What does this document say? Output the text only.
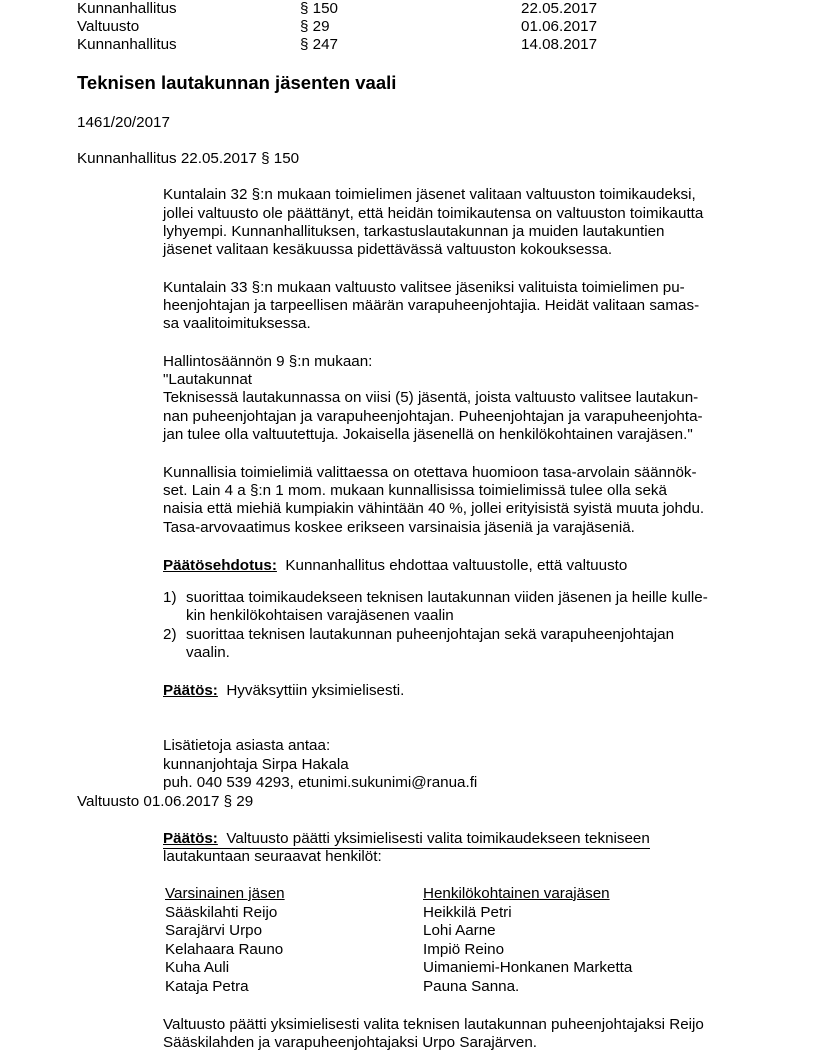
Kunnanhallitus	§ 150	22.05.2017
Valtuusto	§ 29	01.06.2017
Kunnanhallitus	§ 247	14.08.2017
Teknisen lautakunnan jäsenten vaali
1461/20/2017
Kunnanhallitus 22.05.2017 § 150
Kuntalain 32 §:n mukaan toimielimen jäsenet valitaan valtuuston toimikaudeksi,
jollei valtuusto ole päättänyt, että heidän toimikautensa on valtuuston toimikautta
lyhyempi. Kunnanhallituksen, tarkastuslautakunnan ja muiden lautakuntien
jäsenet valitaan kesäkuussa pidettävässä valtuuston kokouksessa.
Kuntalain 33 §:n mukaan valtuusto valitsee jäseniksi valituista toimielimen pu-
heenjohtajan ja tarpeellisen määrän varapuheenjohtajia. Heidät valitaan samas-
sa vaalitoimituksessa.
Hallintosäännön 9 §:n mukaan:
"Lautakunnat
Teknisessä lautakunnassa on viisi (5) jäsentä, joista valtuusto valitsee lautakun-
nan puheenjohtajan ja varapuheenjohtajan. Puheenjohtajan ja varapuheenjohta-
jan tulee olla valtuutettuja. Jokaisella jäsenellä on henkilökohtainen varajäsen."
Kunnallisia toimielimiä valittaessa on otettava huomioon tasa-arvolain säännök-
set. Lain 4 a §:n 1 mom. mukaan kunnallisissa toimielimissä tulee olla sekä
naisia että miehiä kumpiakin vähintään 40 %, jollei erityisistä syistä muuta johdu.
Tasa-arvovaatimus koskee erikseen varsinaisia jäseniä ja varajäseniä.
Päätösehdotus: Kunnanhallitus ehdottaa valtuustolle, että valtuusto
1) suorittaa toimikaudekseen teknisen lautakunnan viiden jäsenen ja heille kulle-
kin henkilökohtaisen varajäsenen vaalin
2) suorittaa teknisen lautakunnan puheenjohtajan sekä varapuheenjohtajan
vaalin.
Päätös: Hyväksyttiin yksimielisesti.
Lisätietoja asiasta antaa:
kunnanjohtaja Sirpa Hakala
puh. 040 539 4293, etunimi.sukunimi@ranua.fi
Valtuusto 01.06.2017 § 29
Päätös: Valtuusto päätti yksimielisesti valita toimikaudekseen tekniseen
lautakuntaan seuraavat henkilöt:
Varsinainen jäsen	Henkilökohtainen varajäsen
Sääskilahti Reijo	Heikkilä Petri
Sarajärvi Urpo	Lohi Aarne
Kelahaara Rauno	Impiö Reino
Kuha Auli	Uimaniemi-Honkanen Marketta
Kataja Petra	Pauna Sanna.
Valtuusto päätti yksimielisesti valita teknisen lautakunnan puheenjohtajaksi Reijo
Sääskilahden ja varapuheenjohtajaksi Urpo Sarajärven.
